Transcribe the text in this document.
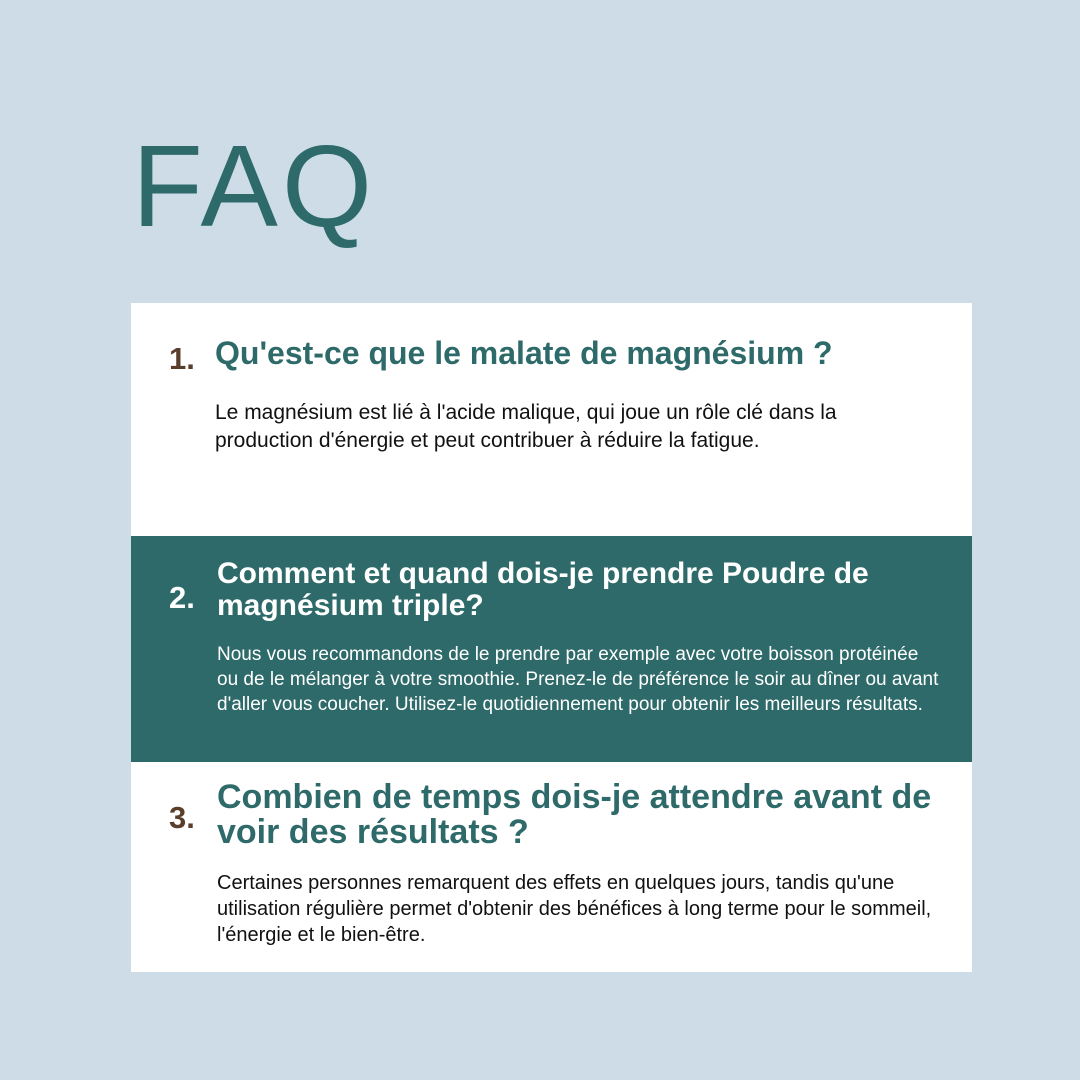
FAQ
1. Qu'est-ce que le malate de magnésium ?

Le magnésium est lié à l'acide malique, qui joue un rôle clé dans la production d'énergie et peut contribuer à réduire la fatigue.

2.
Comment et quand dois-je prendre Poudre de magnésium triple?

Nous vous recommandons de le prendre par exemple avec votre boisson protéinée ou de le mélanger à votre smoothie. Prenez-le de préférence le soir au dîner ou avant d'aller vous coucher. Utilisez-le quotidiennement pour obtenir les meilleurs résultats.

3.
Combien de temps dois-je attendre avant de voir des résultats ?

Certaines personnes remarquent des effets en quelques jours, tandis qu'une utilisation régulière permet d'obtenir des bénéfices à long terme pour le sommeil, l'énergie et le bien-être.
